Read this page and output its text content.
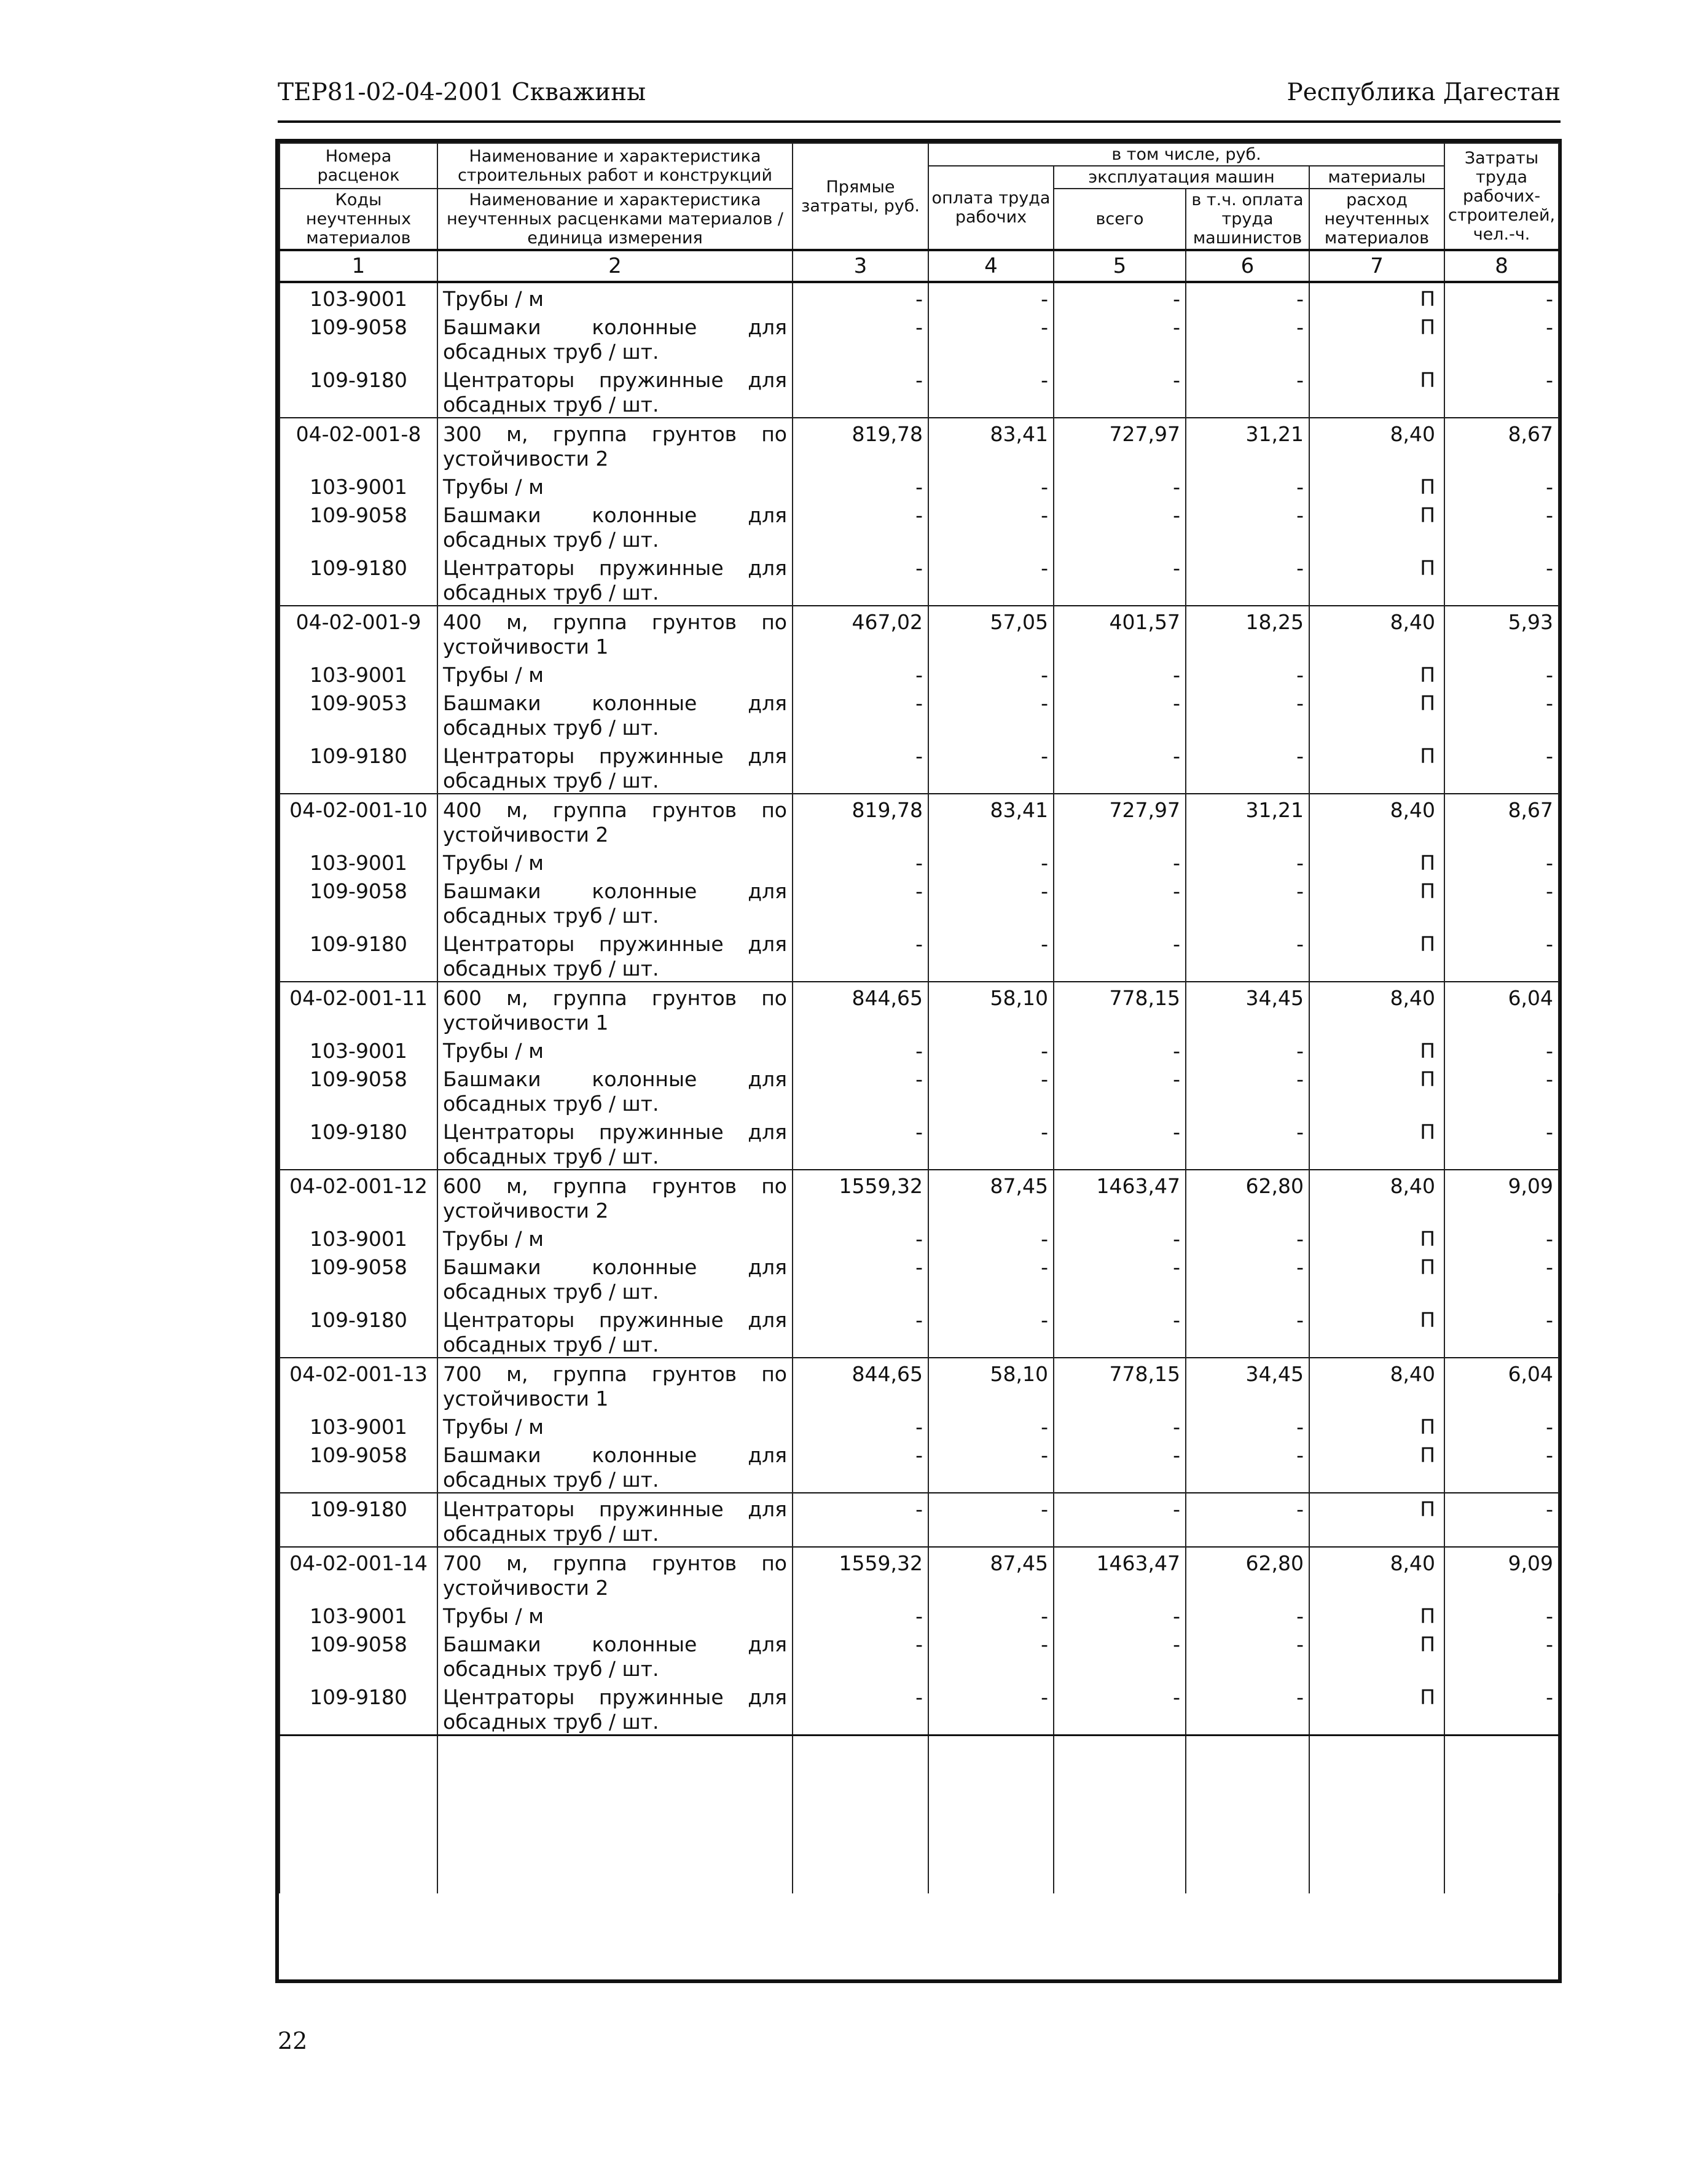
ТЕР81-02-04-2001 Скважины	Республика Дагестан
Номера расценок	Наименование и характеристика строительных работ и конструкций	Прямые затраты, руб.	в том числе, руб.				Затраты труда рабочих-строителей, чел.-ч.
			оплата труда рабочих	эксплуатация машин		материалы	
Коды неучтенных материалов	Наименование и характеристика неучтенных расценками материалов / единица измерения			всего	в т.ч. оплата труда машинистов	расход неучтенных материалов	

1	2	3	4	5	6	7	8
103-9001	Трубы / м	-	-	-	-	П	-
109-9058	Башмаки колонные для обсадных труб / шт.	-	-	-	-	П	-
109-9180	Центраторы пружинные для обсадных труб / шт.	-	-	-	-	П	-
04-02-001-8	300 м, группа грунтов по устойчивости 2	819,78	83,41	727,97	31,21	8,40	8,67
103-9001	Трубы / м	-	-	-	-	П	-
109-9058	Башмаки колонные для обсадных труб / шт.	-	-	-	-	П	-
109-9180	Центраторы пружинные для обсадных труб / шт.	-	-	-	-	П	-
04-02-001-9	400 м, группа грунтов по устойчивости 1	467,02	57,05	401,57	18,25	8,40	5,93
103-9001	Трубы / м	-	-	-	-	П	-
109-9053	Башмаки колонные для обсадных труб / шт.	-	-	-	-	П	-
109-9180	Центраторы пружинные для обсадных труб / шт.	-	-	-	-	П	-
04-02-001-10	400 м, группа грунтов по устойчивости 2	819,78	83,41	727,97	31,21	8,40	8,67
103-9001	Трубы / м	-	-	-	-	П	-
109-9058	Башмаки колонные для обсадных труб / шт.	-	-	-	-	П	-
109-9180	Центраторы пружинные для обсадных труб / шт.	-	-	-	-	П	-
04-02-001-11	600 м, группа грунтов по устойчивости 1	844,65	58,10	778,15	34,45	8,40	6,04
103-9001	Трубы / м	-	-	-	-	П	-
109-9058	Башмаки колонные для обсадных труб / шт.	-	-	-	-	П	-
109-9180	Центраторы пружинные для обсадных труб / шт.	-	-	-	-	П	-
04-02-001-12	600 м, группа грунтов по устойчивости 2	1559,32	87,45	1463,47	62,80	8,40	9,09
103-9001	Трубы / м	-	-	-	-	П	-
109-9058	Башмаки колонные для обсадных труб / шт.	-	-	-	-	П	-
109-9180	Центраторы пружинные для обсадных труб / шт.	-	-	-	-	П	-
04-02-001-13	700 м, группа грунтов по устойчивости 1	844,65	58,10	778,15	34,45	8,40	6,04
103-9001	Трубы / м	-	-	-	-	П	-
109-9058	Башмаки колонные для обсадных труб / шт.	-	-	-	-	П	-
109-9180	Центраторы пружинные для обсадных труб / шт.	-	-	-	-	П	-
04-02-001-14	700 м, группа грунтов по устойчивости 2	1559,32	87,45	1463,47	62,80	8,40	9,09
103-9001	Трубы / м	-	-	-	-	П	-
109-9058	Башмаки колонные для обсадных труб / шт.	-	-	-	-	П	-
109-9180	Центраторы пружинные для обсадных труб / шт.	-	-	-	-	П	-

22
